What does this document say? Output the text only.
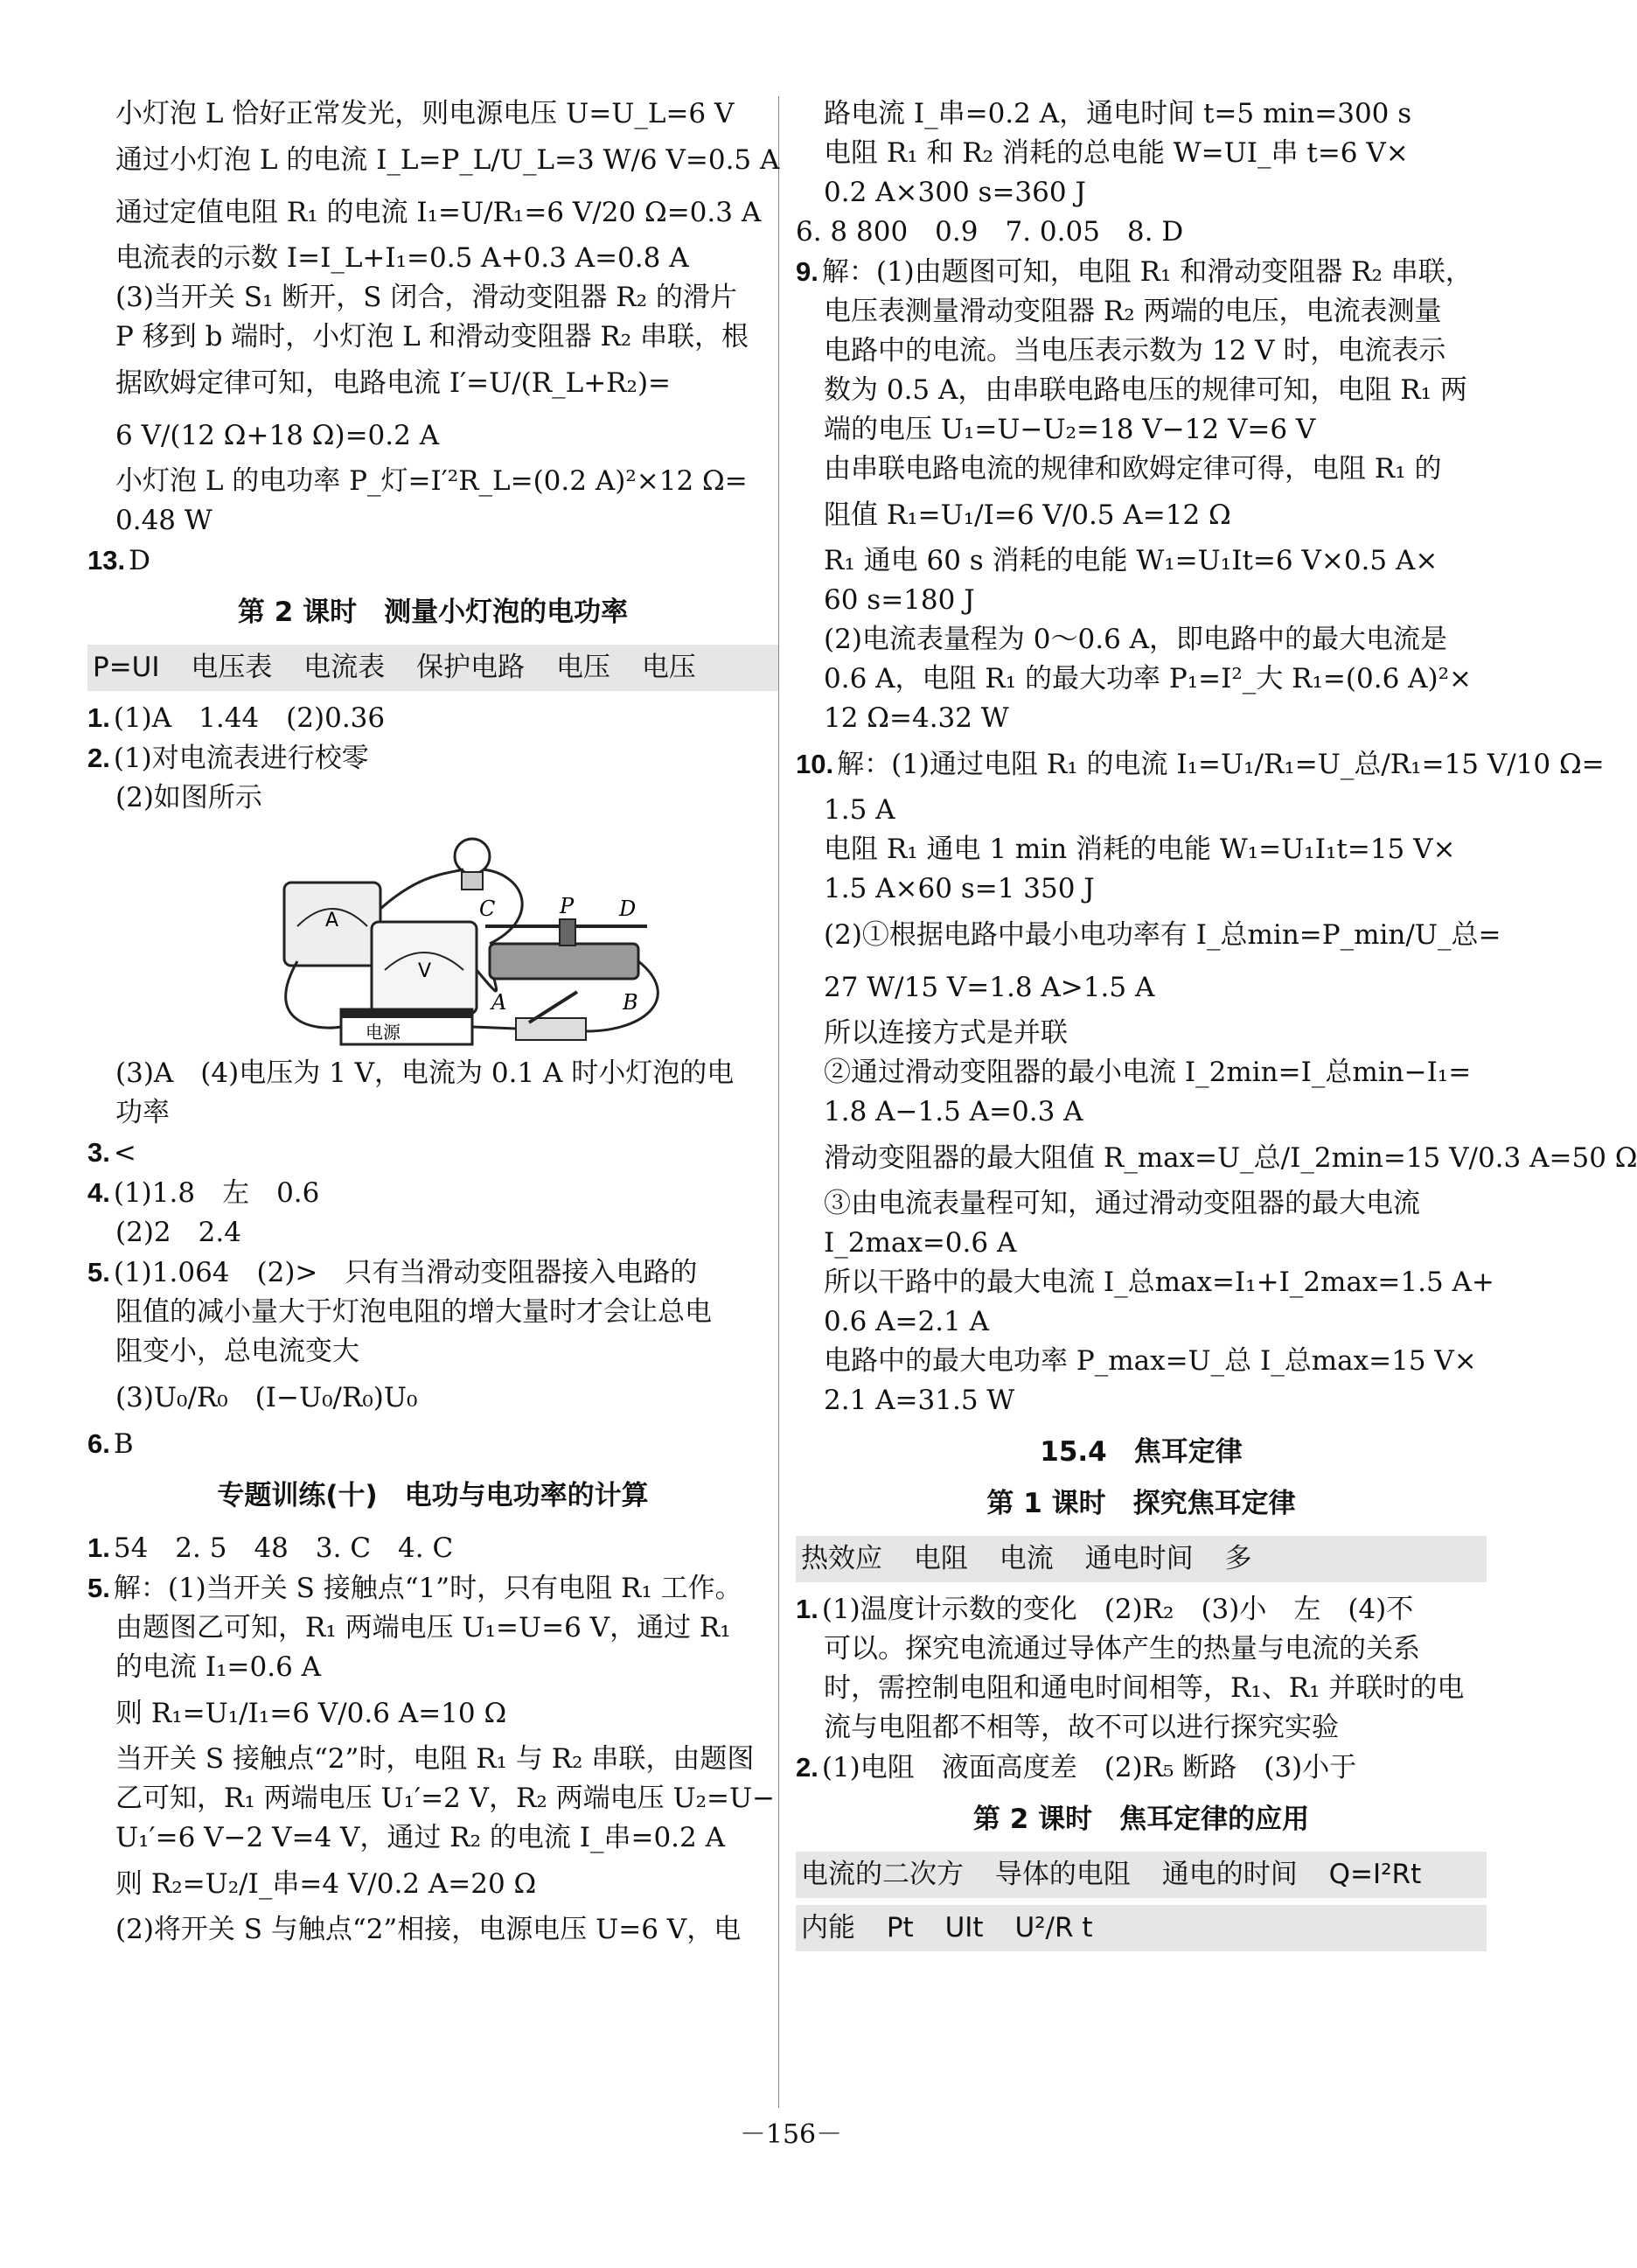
小灯泡 L 恰好正常发光，则电源电压 U=U_L=6 V

通过小灯泡 L 的电流 I_L=P_L/U_L=3 W/6 V=0.5 A

通过定值电阻 R₁ 的电流 I₁=U/R₁=6 V/20 Ω=0.3 A

电流表的示数 I=I_L+I₁=0.5 A+0.3 A=0.8 A

(3)当开关 S₁ 断开，S 闭合，滑动变阻器 R₂ 的滑片

P 移到 b 端时，小灯泡 L 和滑动变阻器 R₂ 串联，根

据欧姆定律可知，电路电流 I′=U/(R_L+R₂)=

6 V/(12 Ω+18 Ω)=0.2 A

小灯泡 L 的电功率 P_灯=I′²R_L=(0.2 A)²×12 Ω=

0.48 W

13. D

第 2 课时　测量小灯泡的电功率
P=UI 电压表 电流表 保护电路 电压 电压

1. (1)A　1.44　(2)0.36

2. (1)对电流表进行校零

(2)如图所示

A
V
C	P D
A	B
电源

(3)A　(4)电压为 1 V，电流为 0.1 A 时小灯泡的电

功率

3. <

4. (1)1.8　左　0.6

(2)2　2.4

5. (1)1.064　(2)>　只有当滑动变阻器接入电路的

阻值的减小量大于灯泡电阻的增大量时才会让总电

阻变小，总电流变大

(3)U₀/R₀　(I−U₀/R₀)U₀

6. B

专题训练(十)　电功与电功率的计算

1. 54　2. 5　48　3. C　4. C

5. 解：(1)当开关 S 接触点“1”时，只有电阻 R₁ 工作。

由题图乙可知，R₁ 两端电压 U₁=U=6 V，通过 R₁

的电流 I₁=0.6 A

则 R₁=U₁/I₁=6 V/0.6 A=10 Ω

当开关 S 接触点“2”时，电阻 R₁ 与 R₂ 串联，由题图

乙可知，R₁ 两端电压 U₁′=2 V，R₂ 两端电压 U₂=U−

U₁′=6 V−2 V=4 V，通过 R₂ 的电流 I_串=0.2 A

则 R₂=U₂/I_串=4 V/0.2 A=20 Ω

(2)将开关 S 与触点“2”相接，电源电压 U=6 V，电

路电流 I_串=0.2 A，通电时间 t=5 min=300 s

电阻 R₁ 和 R₂ 消耗的总电能 W=UI_串 t=6 V×

0.2 A×300 s=360 J

6. 8 800　0.9　7. 0.05　8. D

9. 解：(1)由题图可知，电阻 R₁ 和滑动变阻器 R₂ 串联，

电压表测量滑动变阻器 R₂ 两端的电压，电流表测量

电路中的电流。当电压表示数为 12 V 时，电流表示

数为 0.5 A，由串联电路电压的规律可知，电阻 R₁ 两

端的电压 U₁=U−U₂=18 V−12 V=6 V

由串联电路电流的规律和欧姆定律可得，电阻 R₁ 的

阻值 R₁=U₁/I=6 V/0.5 A=12 Ω

R₁ 通电 60 s 消耗的电能 W₁=U₁It=6 V×0.5 A×

60 s=180 J

(2)电流表量程为 0～0.6 A，即电路中的最大电流是

0.6 A，电阻 R₁ 的最大功率 P₁=I²_大 R₁=(0.6 A)²×

12 Ω=4.32 W

10. 解：(1)通过电阻 R₁ 的电流 I₁=U₁/R₁=U_总/R₁=15 V/10 Ω=

1.5 A

电阻 R₁ 通电 1 min 消耗的电能 W₁=U₁I₁t=15 V×

1.5 A×60 s=1 350 J

(2)①根据电路中最小电功率有 I_总min=P_min/U_总=

27 W/15 V=1.8 A>1.5 A

所以连接方式是并联

②通过滑动变阻器的最小电流 I_2min=I_总min−I₁=

1.8 A−1.5 A=0.3 A

滑动变阻器的最大阻值 R_max=U_总/I_2min=15 V/0.3 A=50 Ω

③由电流表量程可知，通过滑动变阻器的最大电流

I_2max=0.6 A

所以干路中的最大电流 I_总max=I₁+I_2max=1.5 A+

0.6 A=2.1 A

电路中的最大电功率 P_max=U_总 I_总max=15 V×

2.1 A=31.5 W

15.4　焦耳定律
第 1 课时　探究焦耳定律
热效应 电阻 电流 通电时间 多

1. (1)温度计示数的变化　(2)R₂　(3)小　左　(4)不

可以。探究电流通过导体产生的热量与电流的关系

时，需控制电阻和通电时间相等，R₁、R₁ 并联时的电

流与电阻都不相等，故不可以进行探究实验

2. (1)电阻　液面高度差　(2)R₅ 断路　(3)小于

第 2 课时　焦耳定律的应用
电流的二次方 导体的电阻 通电的时间 Q=I²Rt
内能 Pt UIt U²/R t
－156－
